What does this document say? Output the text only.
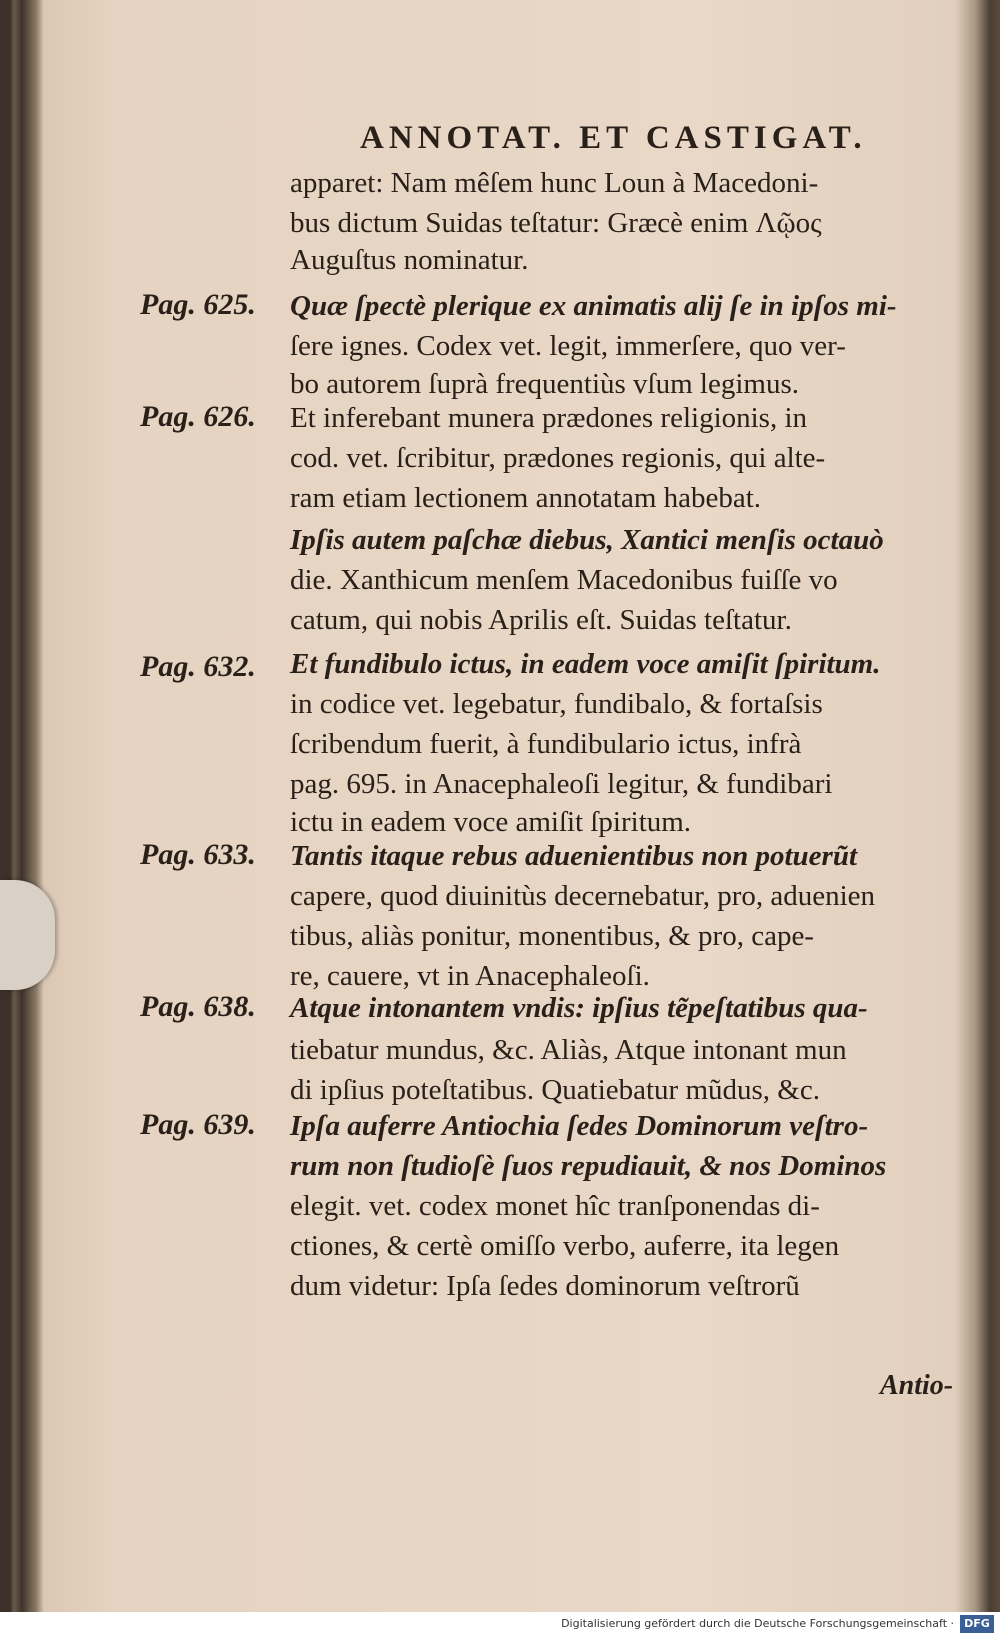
ANNOTAT. ET CASTIGAT.
apparet: Nam mêſem hunc Loun à Macedoni-
bus dictum Suidas teſtatur: Græcè enim Λῷος
Auguſtus nominatur.
Quæ ſpectè plerique ex animatis alij ſe in ipſos mi-
ſere ignes. Codex vet. legit, immerſere, quo ver-
bo autorem ſuprà frequentiùs vſum legimus.
Et inferebant munera prædones religionis, in
cod. vet. ſcribitur, prædones regionis, qui alte-
ram etiam lectionem annotatam habebat.
Ipſis autem paſchæ diebus, Xantici menſis octauò
die. Xanthicum menſem Macedonibus fuiſſe vo
catum, qui nobis Aprilis eſt. Suidas teſtatur.
Et fundibulo ictus, in eadem voce amiſit ſpiritum.
in codice vet. legebatur, fundibalo, & fortaſsis
ſcribendum fuerit, à fundibulario ictus, infrà
pag. 695. in Anacephaleoſi legitur, & fundibari
ictu in eadem voce amiſit ſpiritum.
Tantis itaque rebus aduenientibus non potuerũt
capere, quod diuinitùs decernebatur, pro, aduenien
tibus, aliàs ponitur, monentibus, & pro, cape-
re, cauere, vt in Anacephaleoſi.
Atque intonantem vndis: ipſius tẽpeſtatibus qua-
tiebatur mundus, &c. Aliàs, Atque intonant mun
di ipſius poteſtatibus. Quatiebatur mũdus, &c.
Ipſa auferre Antiochia ſedes Dominorum veſtro-
rum non ſtudioſè ſuos repudiauit, & nos Dominos
elegit. vet. codex monet hîc tranſponendas di-
ctiones, & certè omiſſo verbo, auferre, ita legen
dum videtur: Ipſa ſedes dominorum veſtrorũ
Pag. 625.
Pag. 626.
Pag. 632.
Pag. 633.
Pag. 638.
Pag. 639.
Antio-
Digitalisierung gefördert durch die Deutsche Forschungsgemeinschaft · DFG
